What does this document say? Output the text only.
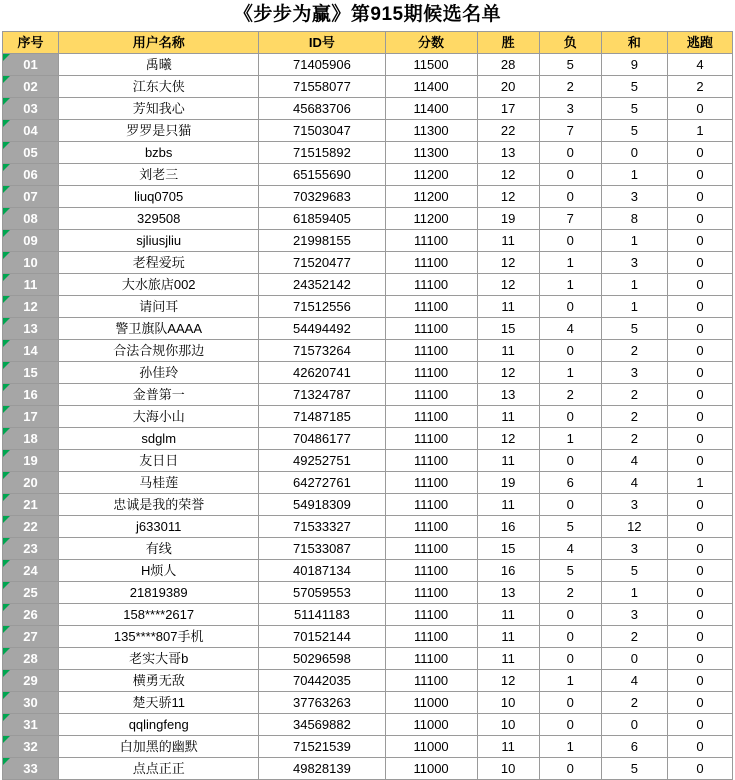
《步步为赢》第915期候选名单
序号	用户名称	ID号	分数	胜	负	和	逃跑

01	禹曦	71405906	11500	28	5	9	4

02	江东大侠	71558077	11400	20	2	5	2

03	芳知我心	45683706	11400	17	3	5	0

04	罗罗是只猫	71503047	11300	22	7	5	1

05	bzbs	71515892	11300	13	0	0	0

06	刘老三	65155690	11200	12	0	1	0

07	liuq0705	70329683	11200	12	0	3	0

08	329508	61859405	11200	19	7	8	0

09	sjliusjliu	21998155	11100	11	0	1	0

10	老程爱玩	71520477	11100	12	1	3	0

11	大水旅店002	24352142	11100	12	1	1	0

12	请问耳	71512556	11100	11	0	1	0

13	警卫旗队AAAA	54494492	11100	15	4	5	0

14	合法合规你那边	71573264	11100	11	0	2	0

15	孙佳玲	42620741	11100	12	1	3	0

16	金普第一	71324787	11100	13	2	2	0

17	大海小山	71487185	11100	11	0	2	0

18	sdglm	70486177	11100	12	1	2	0

19	友日日	49252751	11100	11	0	4	0

20	马桂莲	64272761	11100	19	6	4	1

21	忠诚是我的荣誉	54918309	11100	11	0	3	0

22	j633011	71533327	11100	16	5	12	0

23	有线	71533087	11100	15	4	3	0

24	H烦人	40187134	11100	16	5	5	0

25	21819389	57059553	11100	13	2	1	0

26	158****2617	51141183	11100	11	0	3	0

27	135****807手机	70152144	11100	11	0	2	0

28	老实大哥b	50296598	11100	11	0	0	0

29	横勇无敌	70442035	11100	12	1	4	0

30	楚天骄11	37763263	11000	10	0	2	0

31	qqlingfeng	34569882	11000	10	0	0	0

32	白加黑的幽默	71521539	11000	11	1	6	0

33	点点正正	49828139	11000	10	0	5	0
